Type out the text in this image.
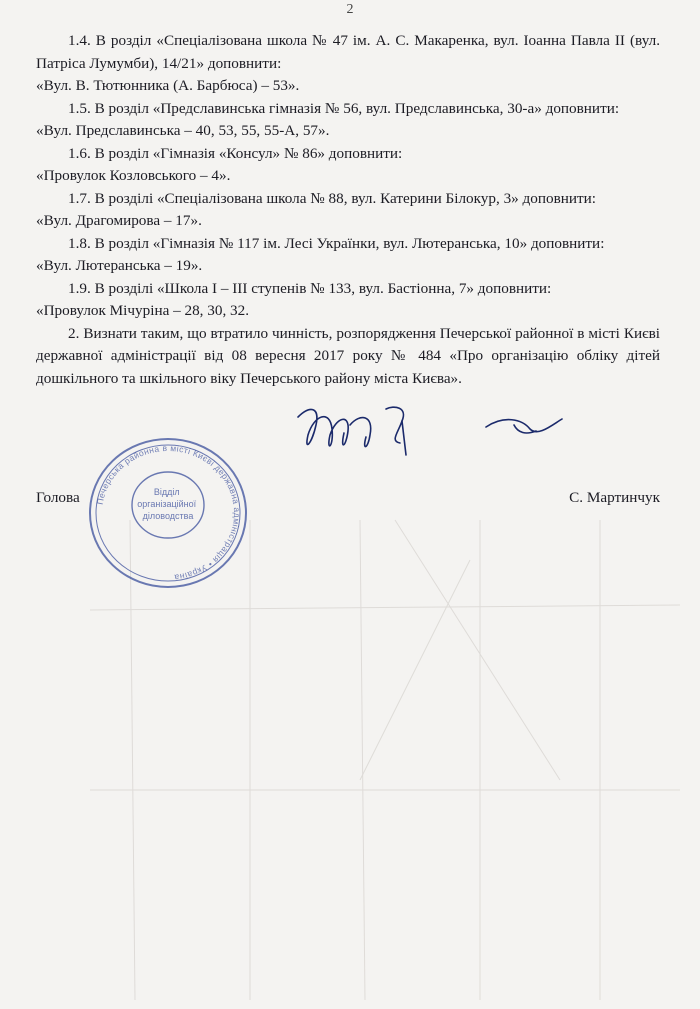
2

1.4. В розділ «Спеціалізована школа № 47 ім. А. С. Макаренка, вул. Іоанна Павла ІІ (вул. Патріса Лумумби), 14/21» доповнити:

«Вул. В. Тютюнника (А. Барбюса) – 53».

1.5. В розділ «Предславинська гімназія № 56, вул. Предславинська, 30-а» доповнити:

«Вул. Предславинська – 40, 53, 55, 55-А, 57».

1.6. В розділ «Гімназія «Консул» № 86» доповнити:

«Провулок Козловського – 4».

1.7. В розділі «Спеціалізована школа № 88, вул. Катерини Білокур, 3» доповнити:

«Вул. Драгомирова – 17».

1.8. В розділ «Гімназія № 117 ім. Лесі Українки, вул. Лютеранська, 10» доповнити:

«Вул. Лютеранська – 19».

1.9. В розділі «Школа І – ІІІ ступенів № 133, вул. Бастіонна, 7» доповнити:

«Провулок Мічуріна – 28, 30, 32.

2. Визнати таким, що втратило чинність, розпорядження Печерської районної в місті Києві державної адміністрації від 08 вересня 2017 року № 484 «Про організацію обліку дітей дошкільного та шкільного віку Печерського району міста Києва».

Печерська районна в місті Києві державна адміністрація • Україна
Відділ організаційної діловодства
Голова	С. Мартинчук
